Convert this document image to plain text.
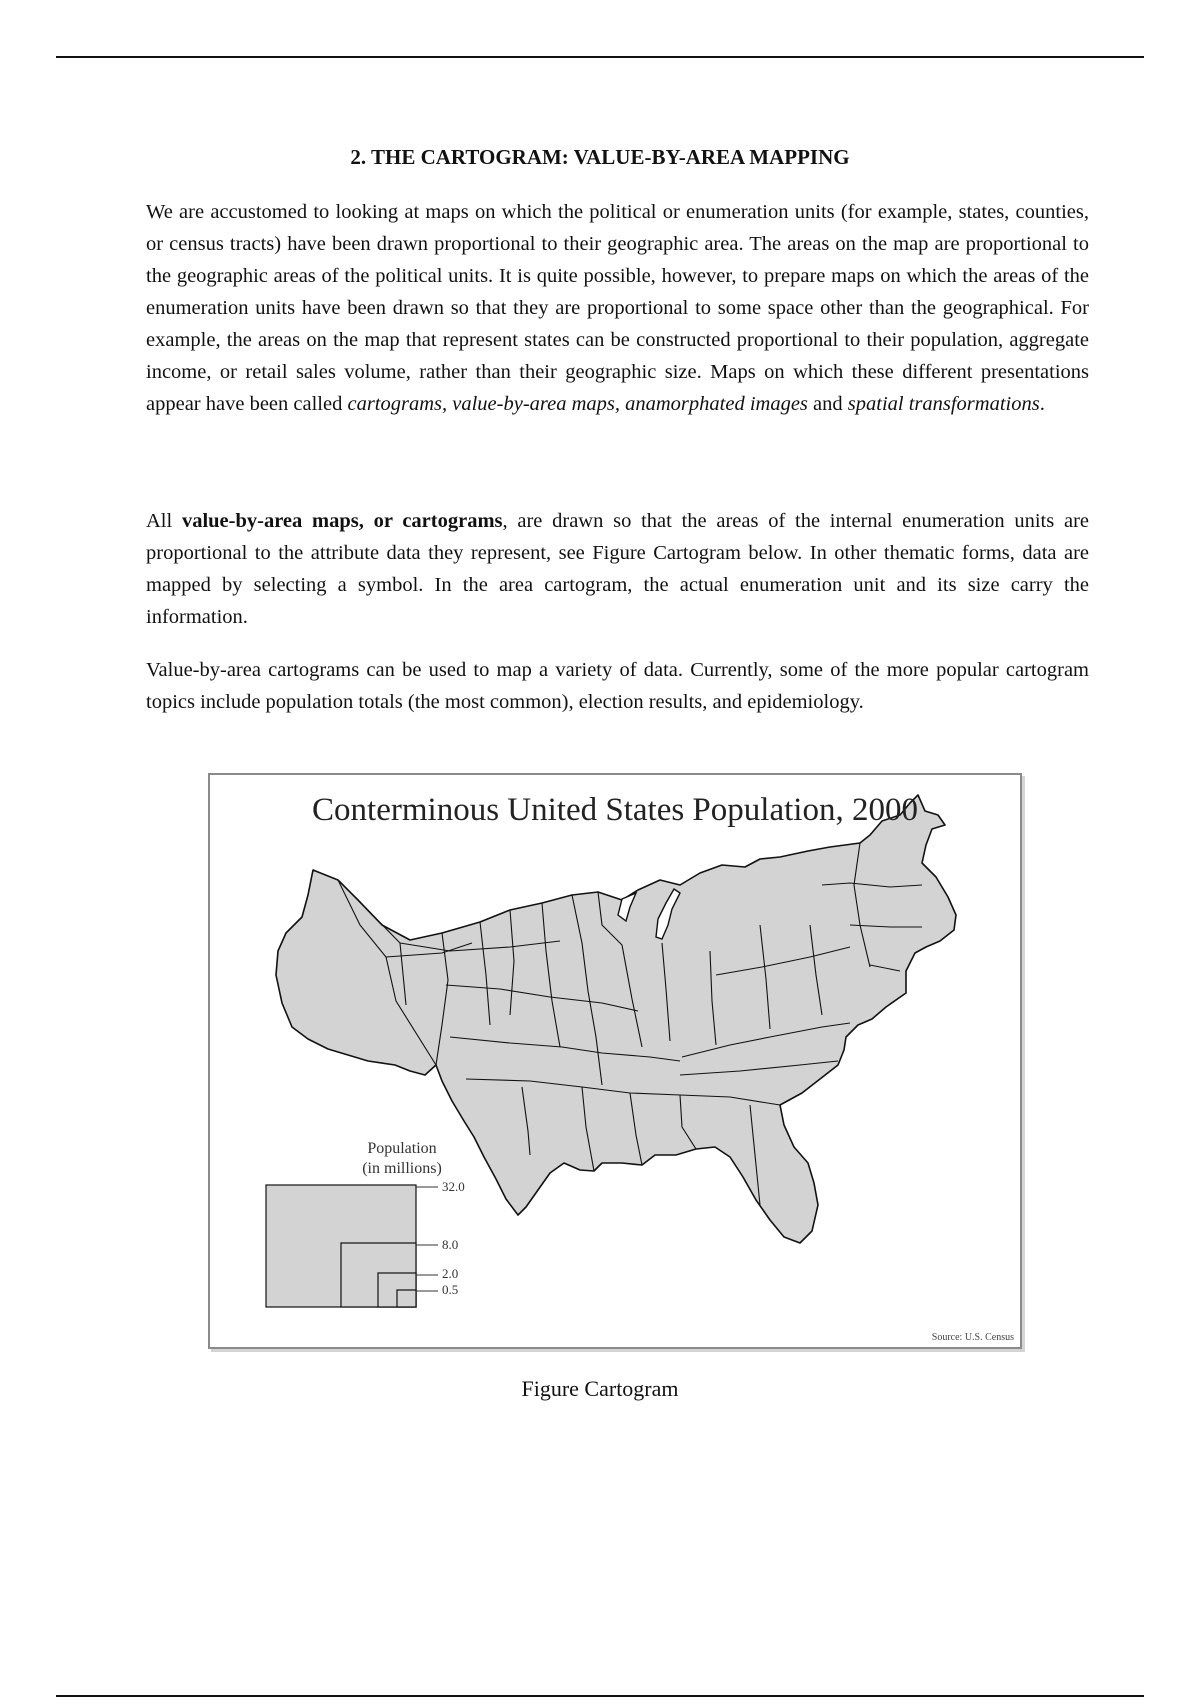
2. THE CARTOGRAM: VALUE-BY-AREA MAPPING

We are accustomed to looking at maps on which the political or enumeration units (for example, states, counties, or census tracts) have been drawn proportional to their geographic area. The areas on the map are proportional to the geographic areas of the political units. It is quite possible, however, to prepare maps on which the areas of the enumeration units have been drawn so that they are proportional to some space other than the geographical. For example, the areas on the map that represent states can be constructed proportional to their population, aggregate income, or retail sales volume, rather than their geographic size. Maps on which these different presentations appear have been called cartograms, value-by-area maps, anamorphated images and spatial transformations.

All value-by-area maps, or cartograms, are drawn so that the areas of the internal enumeration units are proportional to the attribute data they represent, see Figure Cartogram below. In other thematic forms, data are mapped by selecting a symbol. In the area cartogram, the actual enumeration unit and its size carry the information.

Value-by-area cartograms can be used to map a variety of data. Currently, some of the more popular cartogram topics include population totals (the most common), election results, and epidemiology.

Conterminous United States Population, 2000
Population
(in millions)
32.0
8.0
2.0
0.5
Source: U.S. Census

Figure Cartogram
